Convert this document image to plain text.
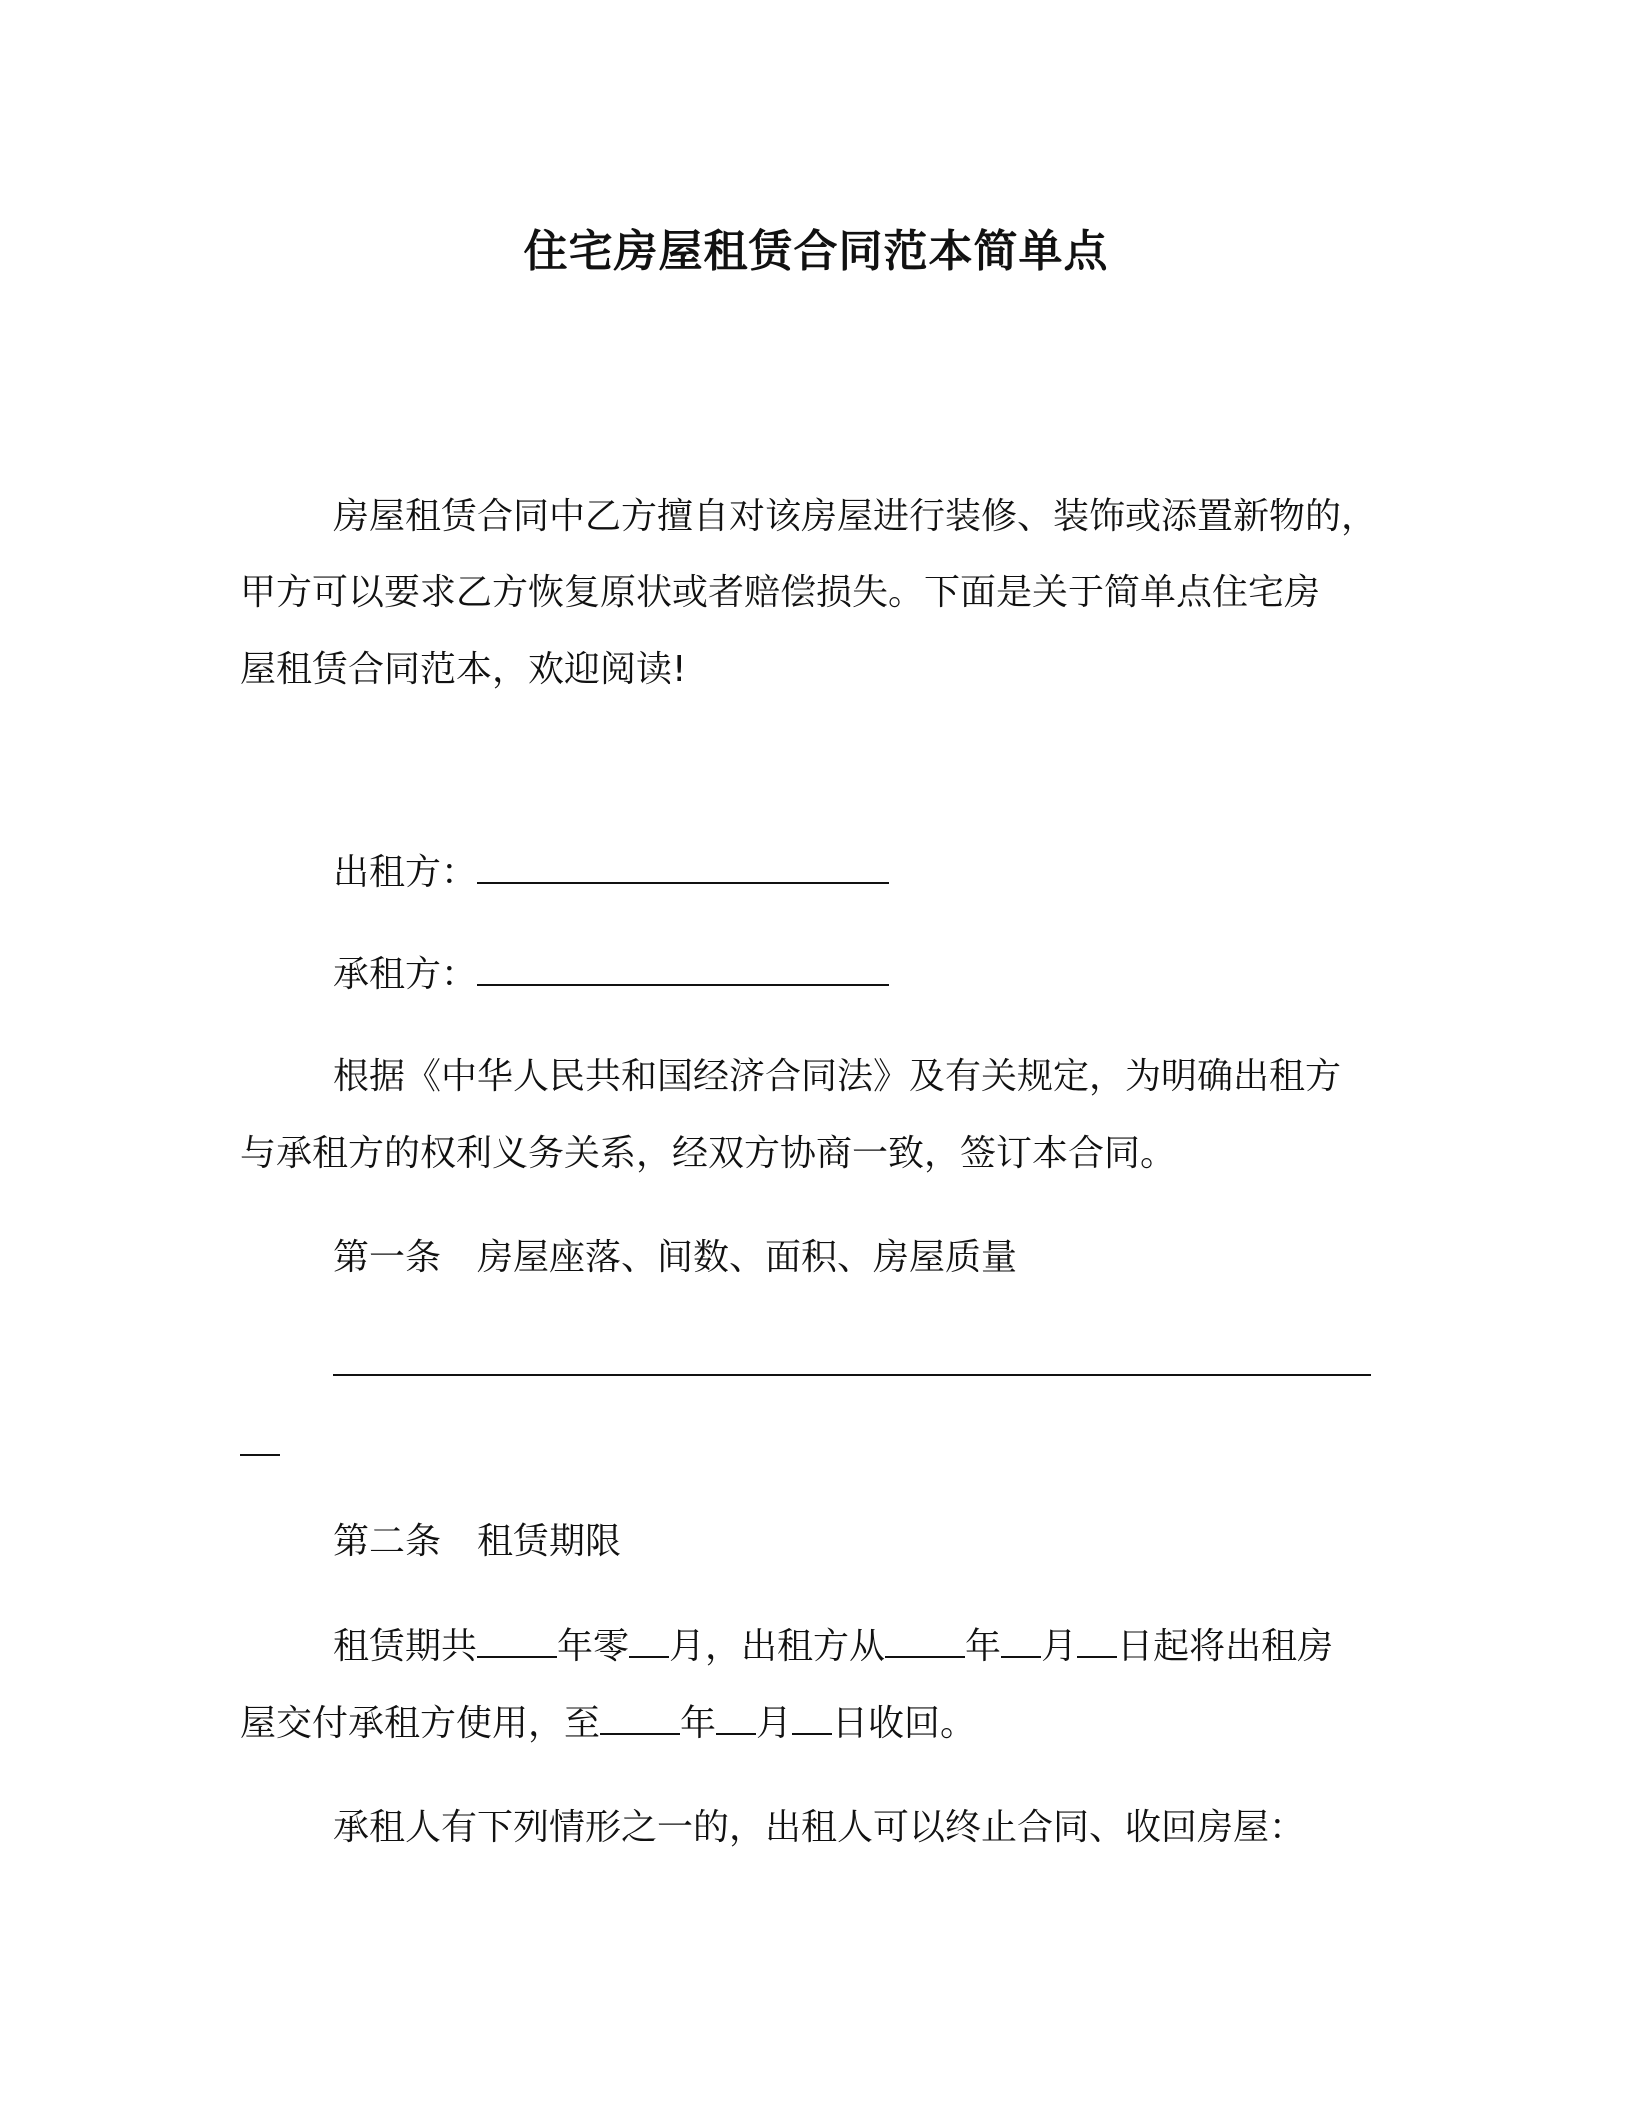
住宅房屋租赁合同范本简单点
房屋租赁合同中乙方擅自对该房屋进行装修、装饰或添置新物的，
甲方可以要求乙方恢复原状或者赔偿损失。下面是关于简单点住宅房
屋租赁合同范本，欢迎阅读!
出租方：
承租方：
根据《中华人民共和国经济合同法》及有关规定，为明确出租方
与承租方的权利义务关系，经双方协商一致，签订本合同。
第一条　房屋座落、间数、面积、房屋质量
第二条　租赁期限
租赁期共 年零 月，出租方从 年 月 日起将出租房
屋交付承租方使用，至 年 月 日收回。
承租人有下列情形之一的，出租人可以终止合同、收回房屋：
